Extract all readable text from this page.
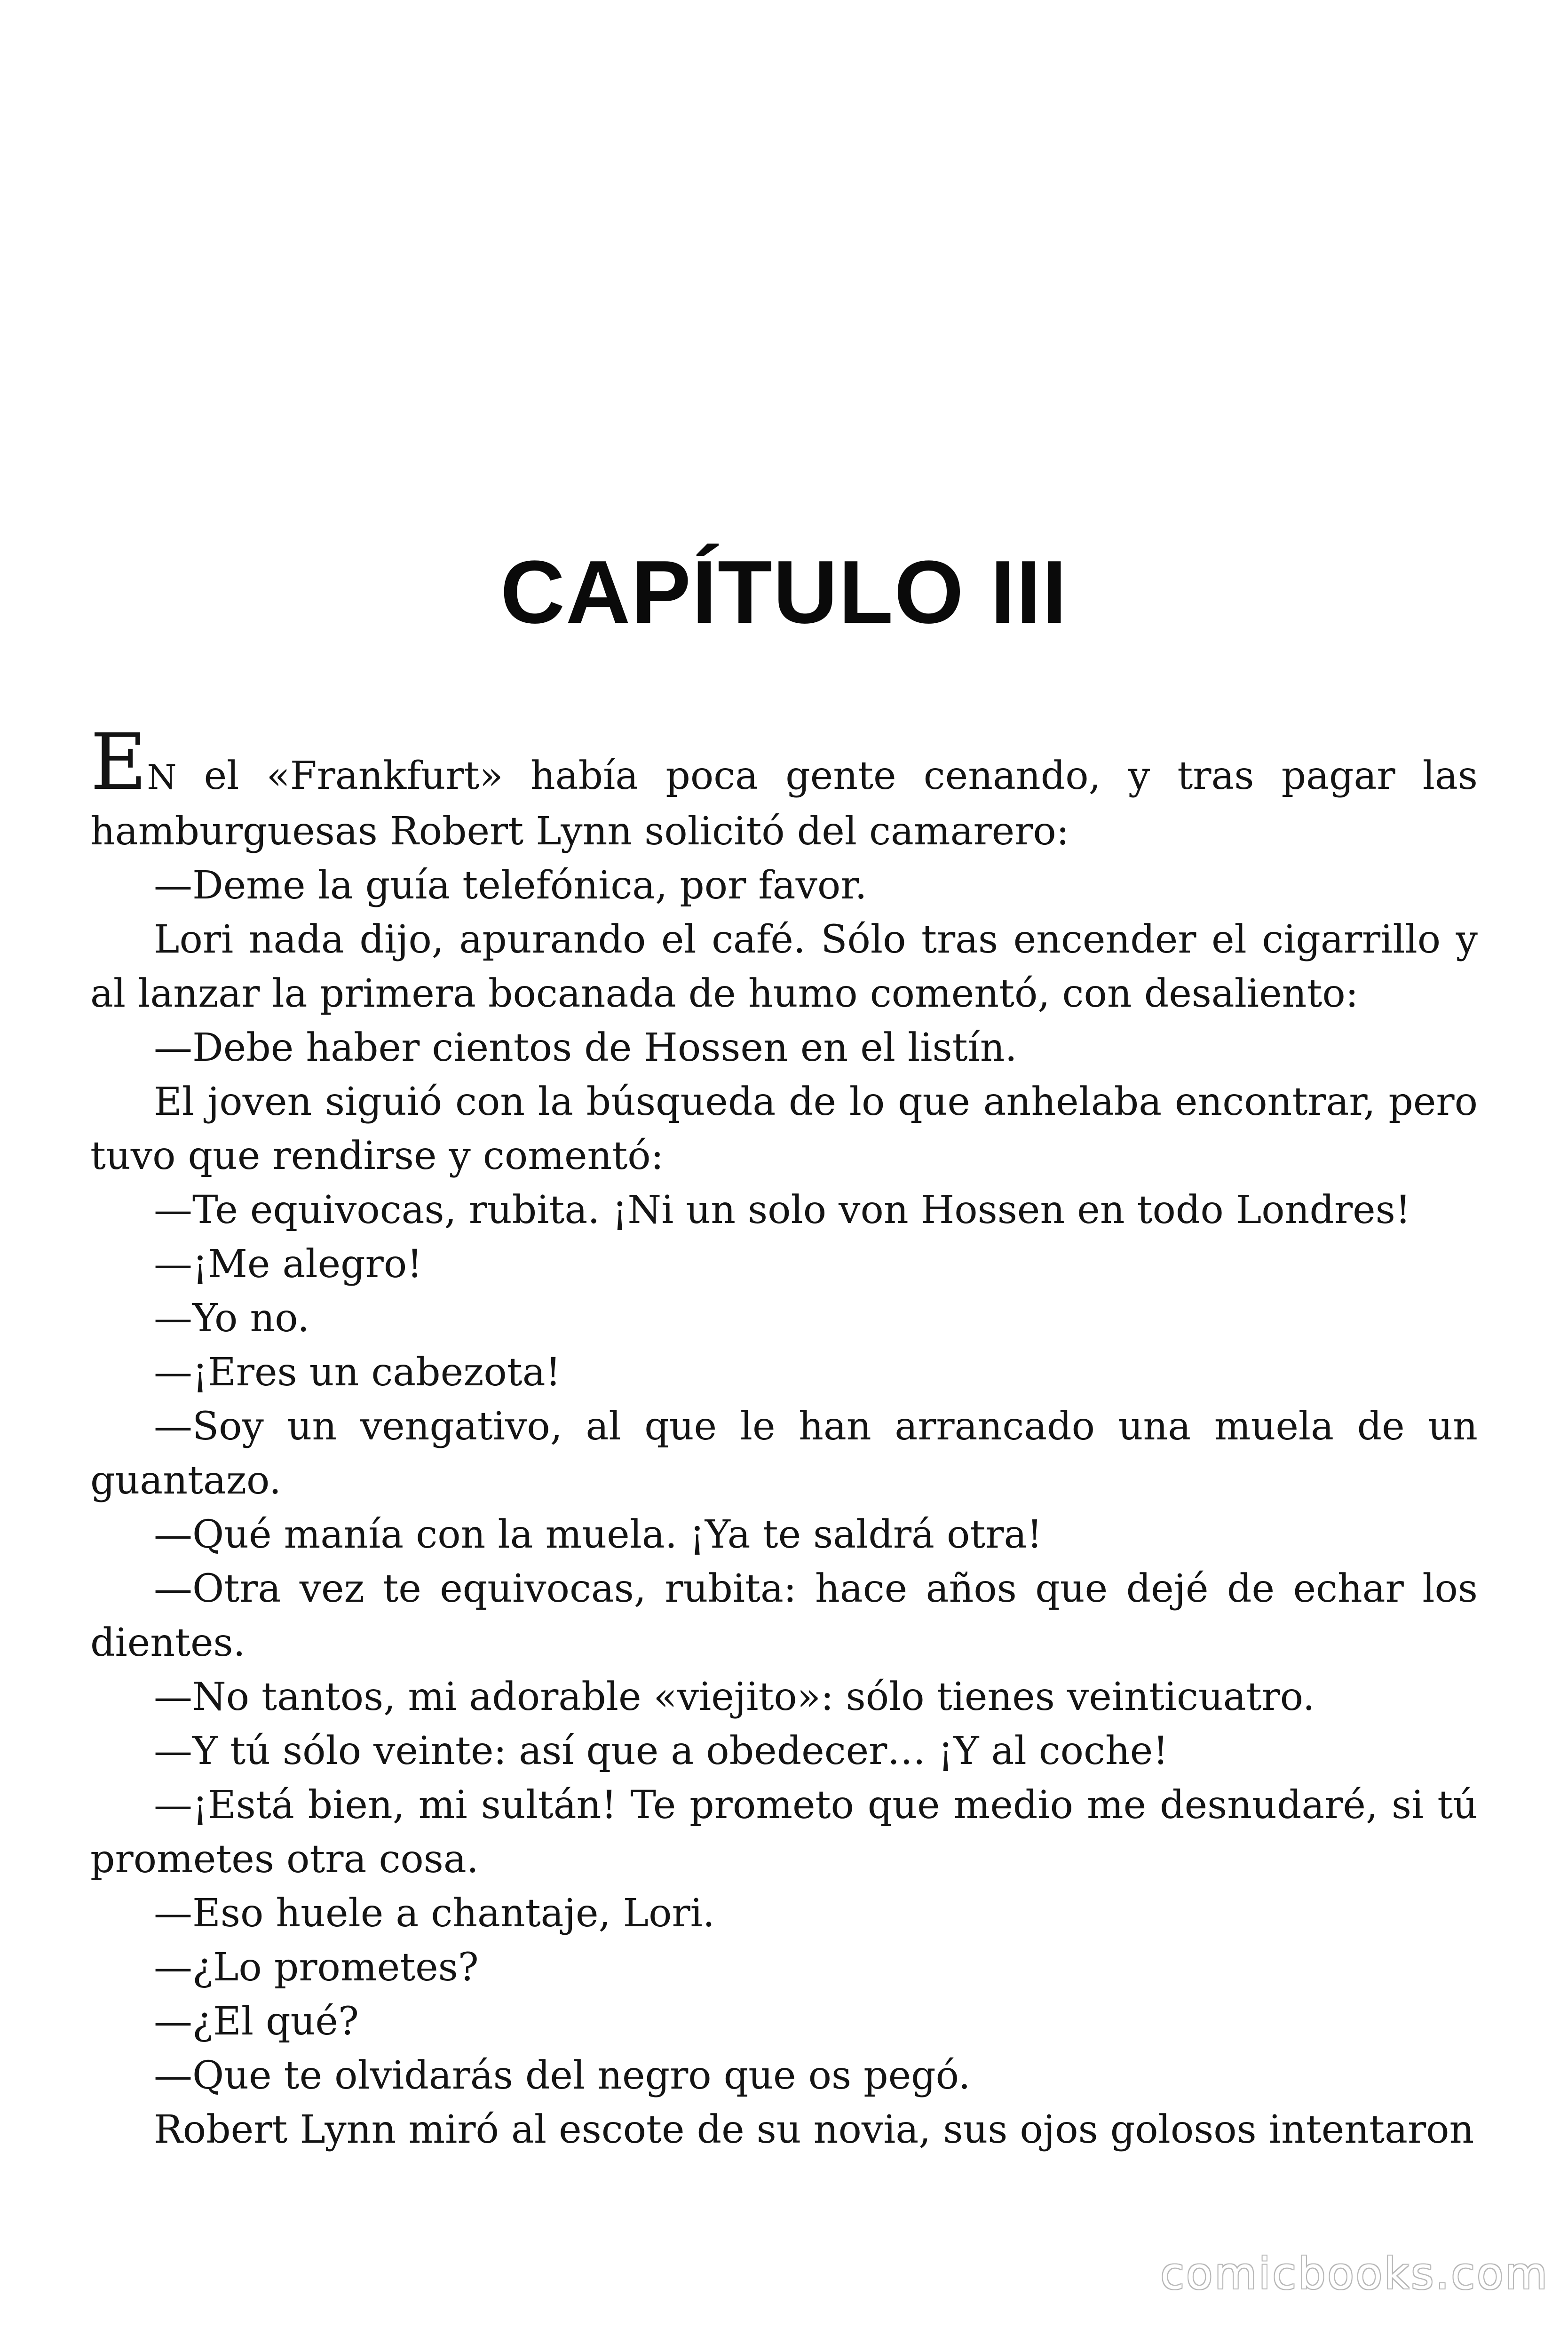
CAPÍTULO III

EN el «Frankfurt» había poca gente cenando, y tras pagar las hamburguesas Robert Lynn solicitó del camarero:

—Deme la guía telefónica, por favor.

Lori nada dijo, apurando el café. Sólo tras encender el cigarrillo y al lanzar la primera bocanada de humo comentó, con desaliento:

—Debe haber cientos de Hossen en el listín.

El joven siguió con la búsqueda de lo que anhelaba encontrar, pero tuvo que rendirse y comentó:

—Te equivocas, rubita. ¡Ni un solo von Hossen en todo Londres!

—¡Me alegro!

—Yo no.

—¡Eres un cabezota!

—Soy un vengativo, al que le han arrancado una muela de un guantazo.

—Qué manía con la muela. ¡Ya te saldrá otra!

—Otra vez te equivocas, rubita: hace años que dejé de echar los dientes.

—No tantos, mi adorable «viejito»: sólo tienes veinticuatro.

—Y tú sólo veinte: así que a obedecer… ¡Y al coche!

—¡Está bien, mi sultán! Te prometo que medio me desnudaré, si tú prometes otra cosa.

—Eso huele a chantaje, Lori.

—¿Lo prometes?

—¿El qué?

—Que te olvidarás del negro que os pegó.

Robert Lynn miró al escote de su novia, sus ojos golosos intentaron

comicbooks.com
